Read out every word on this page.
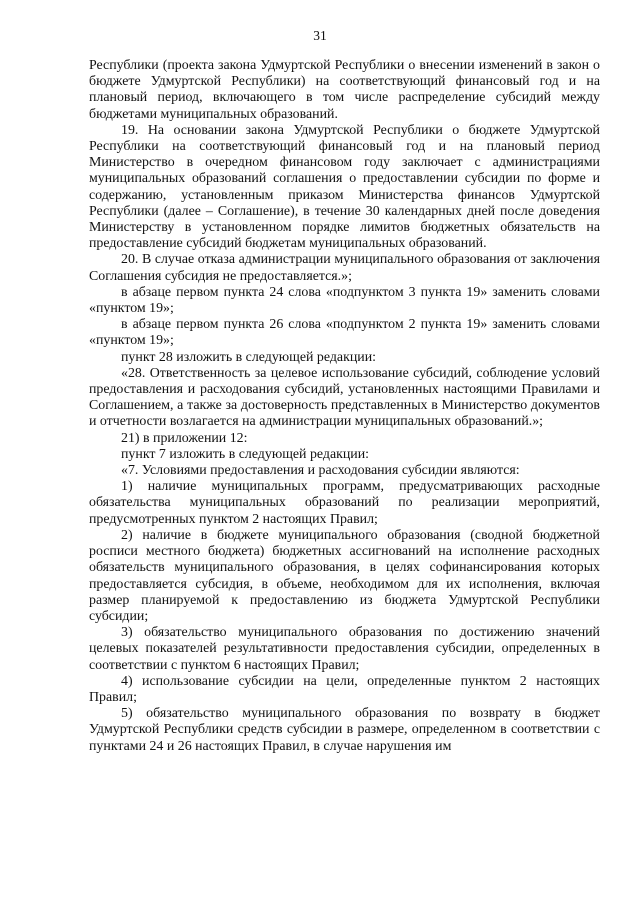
31

Республики (проекта закона Удмуртской Республики о внесении изменений в закон о бюджете Удмуртской Республики) на соответствующий финансовый год и на плановый период, включающего в том числе распределение субсидий между бюджетами муниципальных образований.

19. На основании закона Удмуртской Республики о бюджете Удмуртской Республики на соответствующий финансовый год и на плановый период Министерство в очередном финансовом году заключает с администрациями муниципальных образований соглашения о предоставлении субсидии по форме и содержанию, установленным приказом Министерства финансов Удмуртской Республики (далее – Соглашение), в течение 30 календарных дней после доведения Министерству в установленном порядке лимитов бюджетных обязательств на предоставление субсидий бюджетам муниципальных образований.

20. В случае отказа администрации муниципального образования от заключения Соглашения субсидия не предоставляется.»;

в абзаце первом пункта 24 слова «подпунктом 3 пункта 19» заменить словами «пунктом 19»;

в абзаце первом пункта 26 слова «подпунктом 2 пункта 19» заменить словами «пунктом 19»;

пункт 28 изложить в следующей редакции:

«28. Ответственность за целевое использование субсидий, соблюдение условий предоставления и расходования субсидий, установленных настоящими Правилами и Соглашением, а также за достоверность представленных в Министерство документов и отчетности возлагается на администрации муниципальных образований.»;

21) в приложении 12:

пункт 7 изложить в следующей редакции:

«7. Условиями предоставления и расходования субсидии являются:

1) наличие муниципальных программ, предусматривающих расходные обязательства муниципальных образований по реализации мероприятий, предусмотренных пунктом 2 настоящих Правил;

2) наличие в бюджете муниципального образования (сводной бюджетной росписи местного бюджета) бюджетных ассигнований на исполнение расходных обязательств муниципального образования, в целях софинансирования которых предоставляется субсидия, в объеме, необходимом для их исполнения, включая размер планируемой к предоставлению из бюджета Удмуртской Республики субсидии;

3) обязательство муниципального образования по достижению значений целевых показателей результативности предоставления субсидии, определенных в соответствии с пунктом 6 настоящих Правил;

4) использование субсидии на цели, определенные пунктом 2 настоящих Правил;

5) обязательство муниципального образования по возврату в бюджет Удмуртской Республики средств субсидии в размере, определенном в соответствии с пунктами 24 и 26 настоящих Правил, в случае нарушения им
